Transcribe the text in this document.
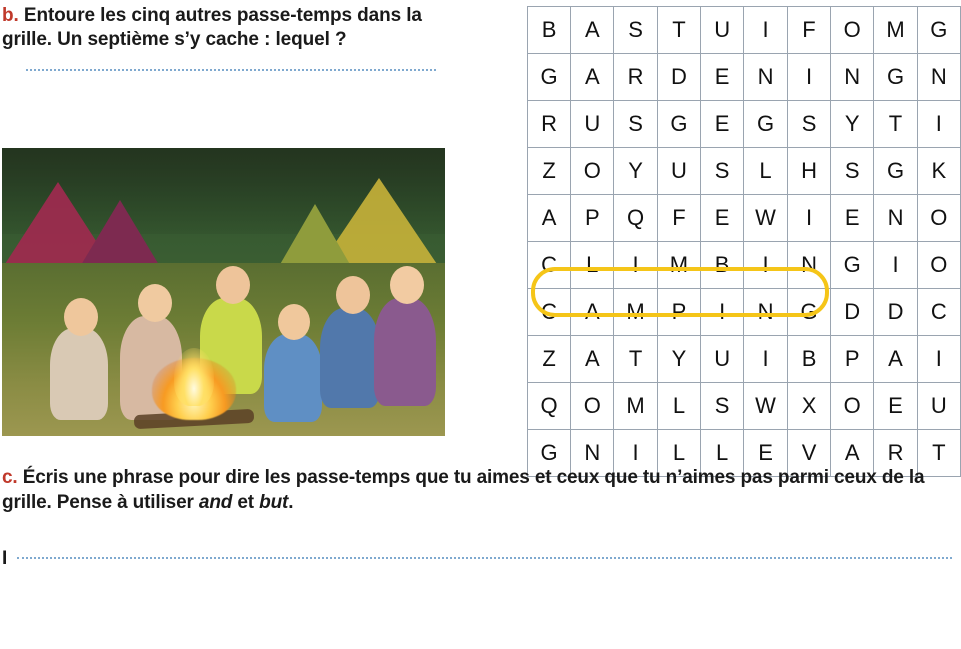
b. Entoure les cinq autres passe-temps dans la grille. Un septième s’y cache : lequel ?	B	A	S	T	U	I	F	O	M	G
G	A	R	D	E	N	I	N	G	N
R	U	S	G	E	G	S	Y	T	I
Z	O	Y	U	S	L	H	S	G	K
A	P	Q	F	E	W	I	E	N	O
C	L	I	M	B	I	N	G	I	O
C	A	M	P	I	N	G	D	D	C
Z	A	T	Y	U	I	B	P	A	I
Q	O	M	L	S	W	X	O	E	U
G	N	I	L	L	E	V	A	R	T
c. Écris une phrase pour dire les passe-temps que tu aimes et ceux que tu n’aimes pas parmi ceux de la grille. Pense à utiliser and et but.
I
